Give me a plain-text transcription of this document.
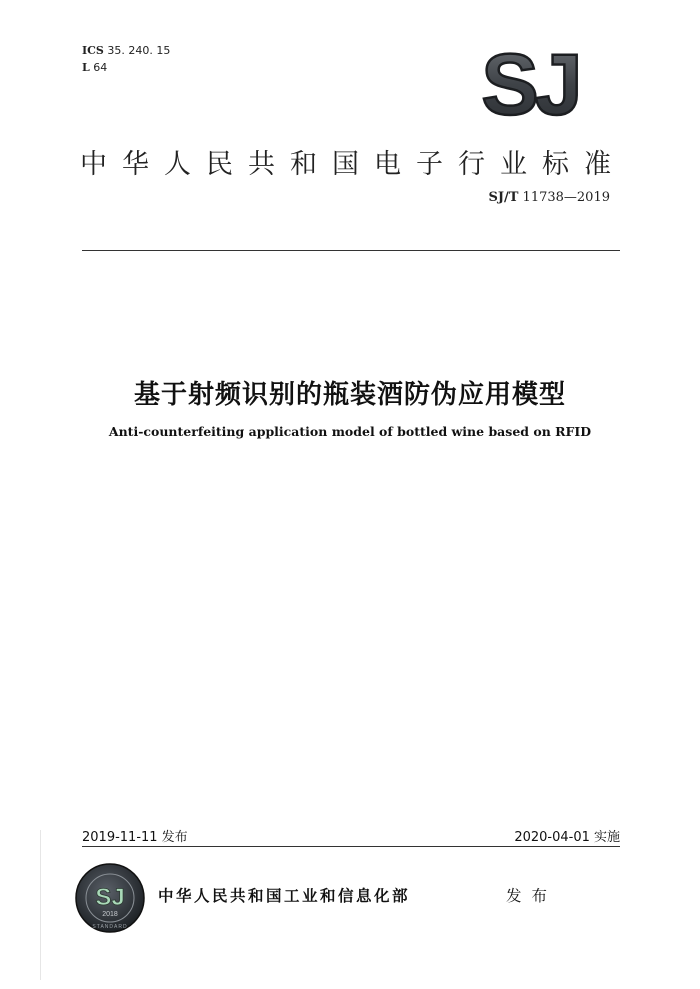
ICS 35. 240. 15
L 64	SJ
中华人民共和国电子行业标准
SJ/T 11738—2019
基于射频识别的瓶装酒防伪应用模型
Anti-counterfeiting application model of bottled wine based on RFID
2019-11-11 发布	2020-04-01 实施
SJ
2018
STANDARD
中华人民共和国工业和信息化部	发布
